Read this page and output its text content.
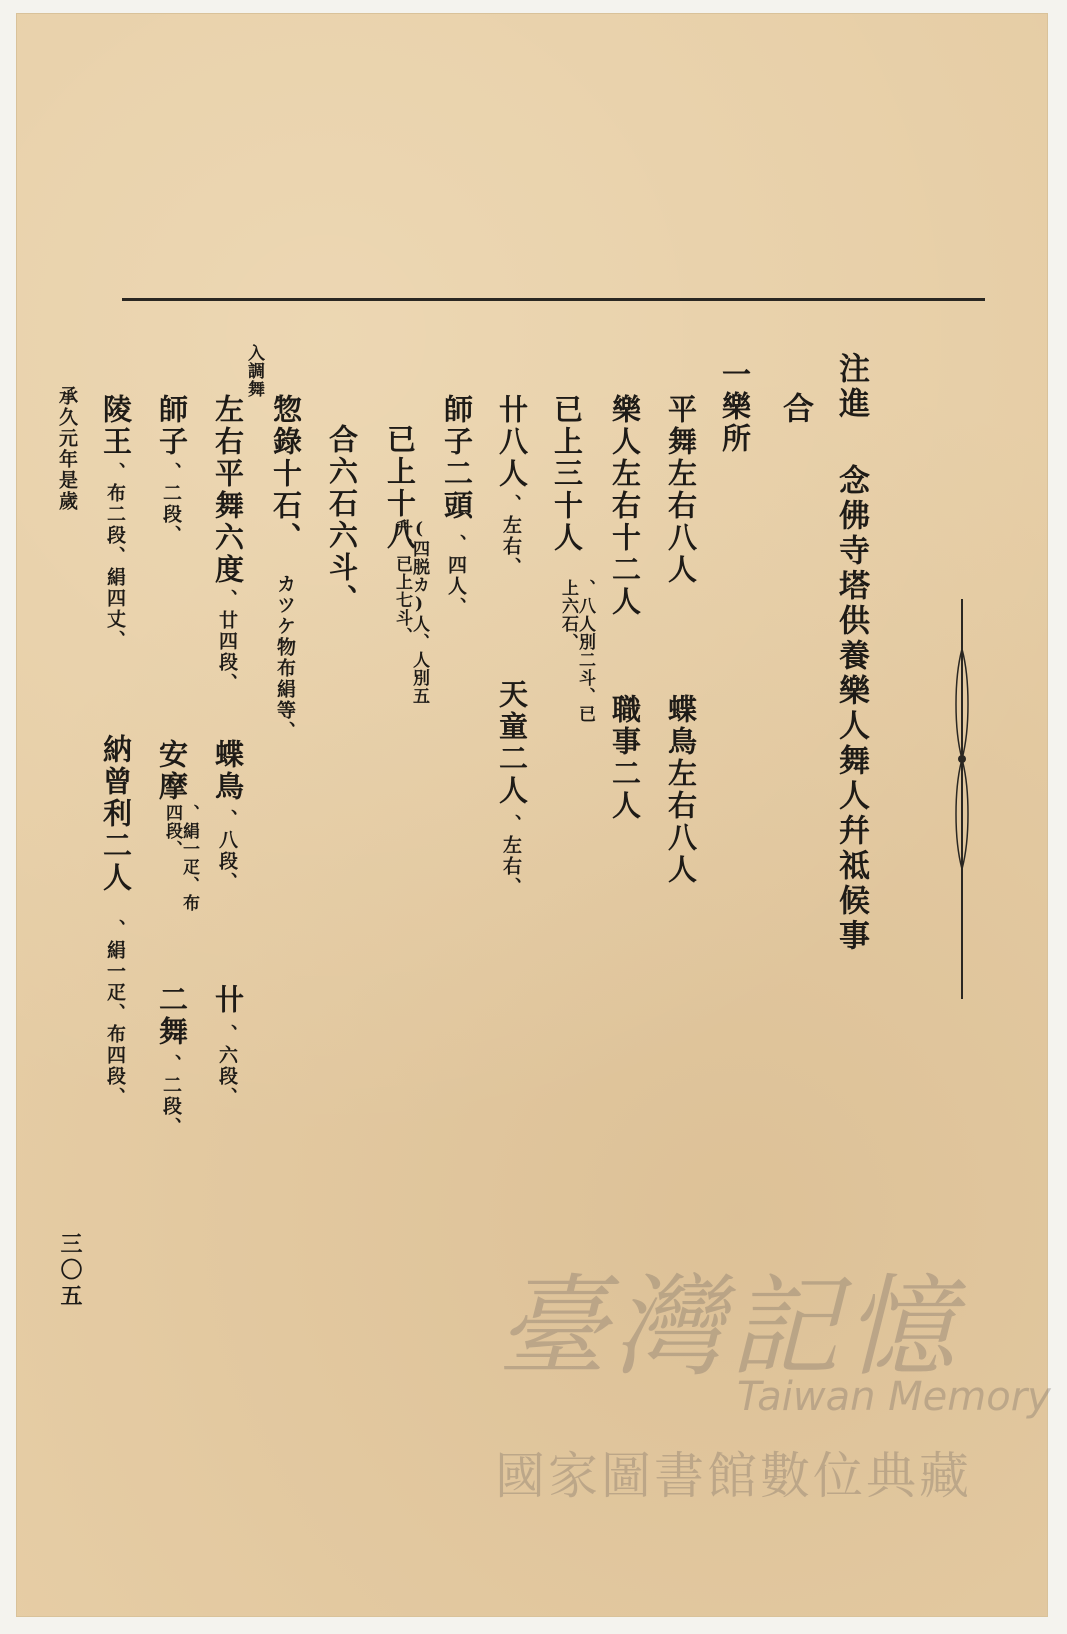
注進
念佛寺塔供養樂人舞人幷祗候事
合
一樂所
平舞左右八人
蝶鳥左右八人
樂人左右十二人
職事二人
已上三十人
、八人別二斗、已上六石、
卄八人
、左右、
天童二人
、左右、
師子二頭
、四人、
已上十八
(四脱カ)人、人別五升、已上七斗、
合六石六斗、
惣錄十石、
カツケ物布絹等、
入調舞
左右平舞六度
、廿四段、
蝶鳥
、八段、
卄
、六段、
師子
、二段、
安摩
、絹一疋、布四段、
二舞
、二段、
陵王
、布二段、絹四丈、
納曾利二人
、絹一疋、布四段、
承久元年是歲
三〇五	臺灣記憶
Taiwan Memory
國家圖書館數位典藏
